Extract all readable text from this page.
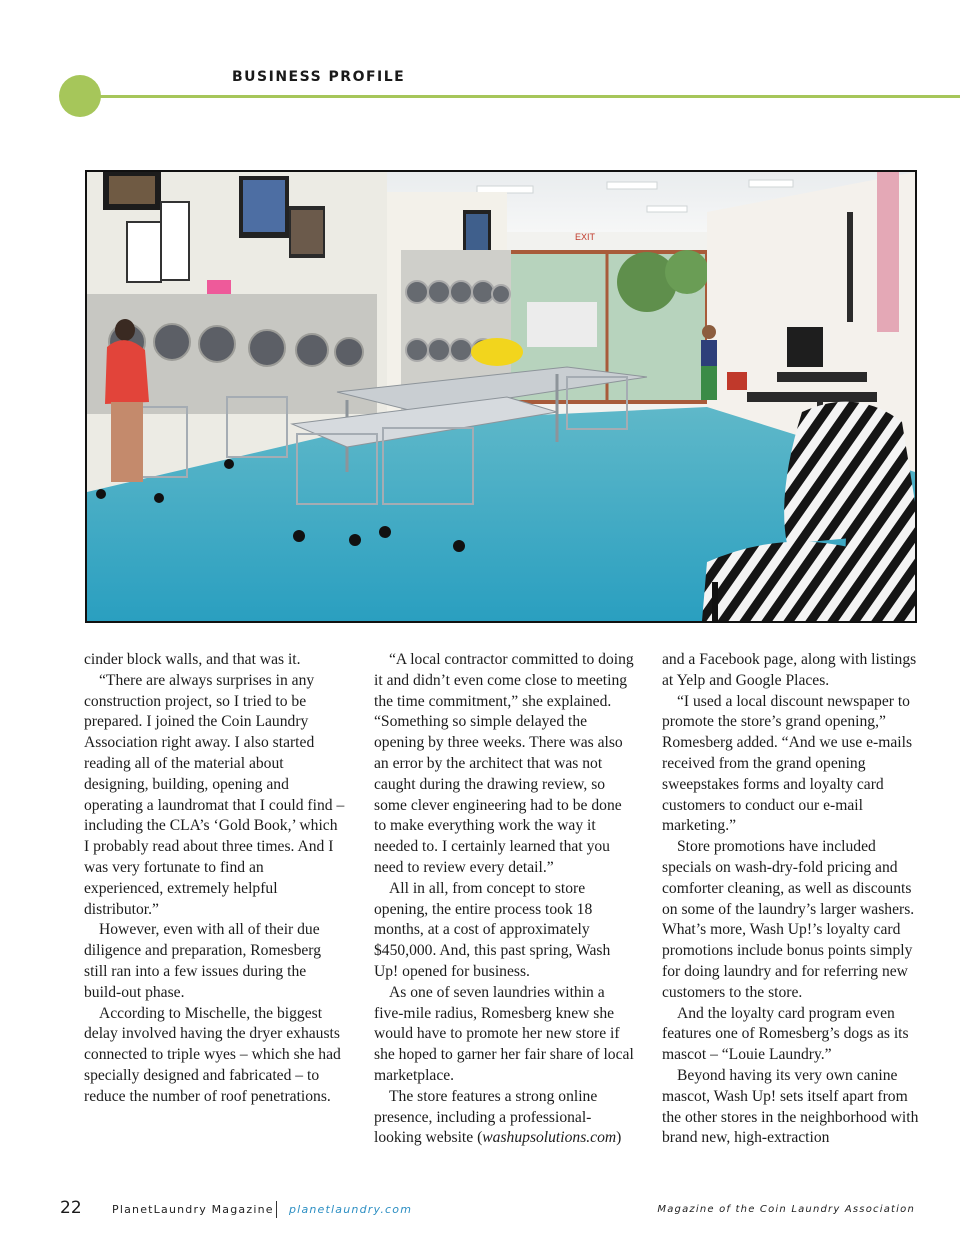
BUSINESS PROFILE
EXIT

cinder block walls, and that was it.

“There are always surprises in any construction project, so I tried to be prepared. I joined the Coin Laundry Association right away. I also started reading all of the material about designing, building, opening and operating a laundromat that I could find – including the CLA’s ‘Gold Book,’ which I probably read about three times. And I was very fortunate to find an experienced, extremely helpful distributor.”

However, even with all of their due diligence and preparation, Romesberg still ran into a few issues during the build-out phase.

According to Mischelle, the biggest delay involved having the dryer exhausts connected to triple wyes – which she had specially designed and fabricated – to reduce the number of roof penetrations.

“A local contractor committed to doing it and didn’t even come close to meeting the time commitment,” she explained. “Something so simple delayed the opening by three weeks. There was also an error by the architect that was not caught during the drawing review, so some clever engineering had to be done to make everything work the way it needed to. I certainly learned that you need to review every detail.”

All in all, from concept to store opening, the entire process took 18 months, at a cost of approximately $450,000. And, this past spring, Wash Up! opened for business.

As one of seven laundries within a five-mile radius, Romesberg knew she would have to promote her new store if she hoped to garner her fair share of local marketplace.

The store features a strong online presence, including a professional-looking website (washupsolutions.com)

and a Facebook page, along with listings at Yelp and Google Places.

“I used a local discount newspaper to promote the store’s grand opening,” Romesberg added. “And we use e-mails received from the grand opening sweepstakes forms and loyalty card customers to conduct our e-mail marketing.”

Store promotions have included specials on wash-dry-fold pricing and comforter cleaning, as well as discounts on some of the laundry’s larger washers. What’s more, Wash Up!’s loyalty card promotions include bonus points simply for doing laundry and for referring new customers to the store.

And the loyalty card program even features one of Romesberg’s dogs as its mascot – “Louie Laundry.”

Beyond having its very own canine mascot, Wash Up! sets itself apart from the other stores in the neighborhood with brand new, high-extraction

22	PlanetLaundry Magazine planetlaundry.com	Magazine of the Coin Laundry Association
